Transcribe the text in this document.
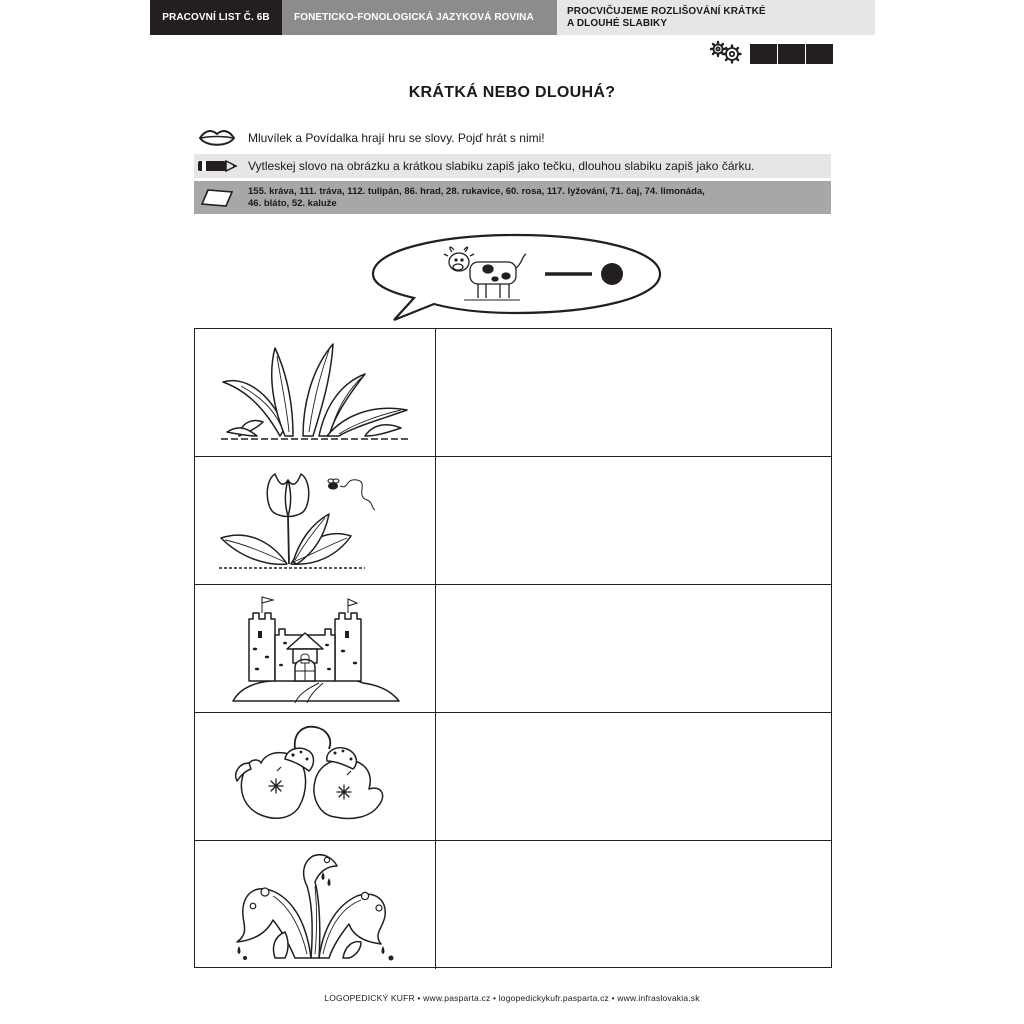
PRACOVNÍ LIST Č. 6B	FONETICKO-FONOLOGICKÁ JAZYKOVÁ ROVINA
PROCVIČUJEME ROZLIŠOVÁNÍ KRÁTKÉ
A DLOUHÉ SLABIKY
KRÁTKÁ NEBO DLOUHÁ?
Mluvílek a Povídalka hrají hru se slovy. Pojď hrát s nimi!
Vytleskej slovo na obrázku a krátkou slabiku zapiš jako tečku, dlouhou slabiku zapiš jako čárku.
155. kráva, 111. tráva, 112. tulipán, 86. hrad, 28. rukavice, 60. rosa, 117. lyžování, 71. čaj, 74. limonáda,
46. bláto, 52. kaluže
LOGOPEDICKÝ KUFR • www.pasparta.cz • logopedickykufr.pasparta.cz • www.infraslovakia.sk
